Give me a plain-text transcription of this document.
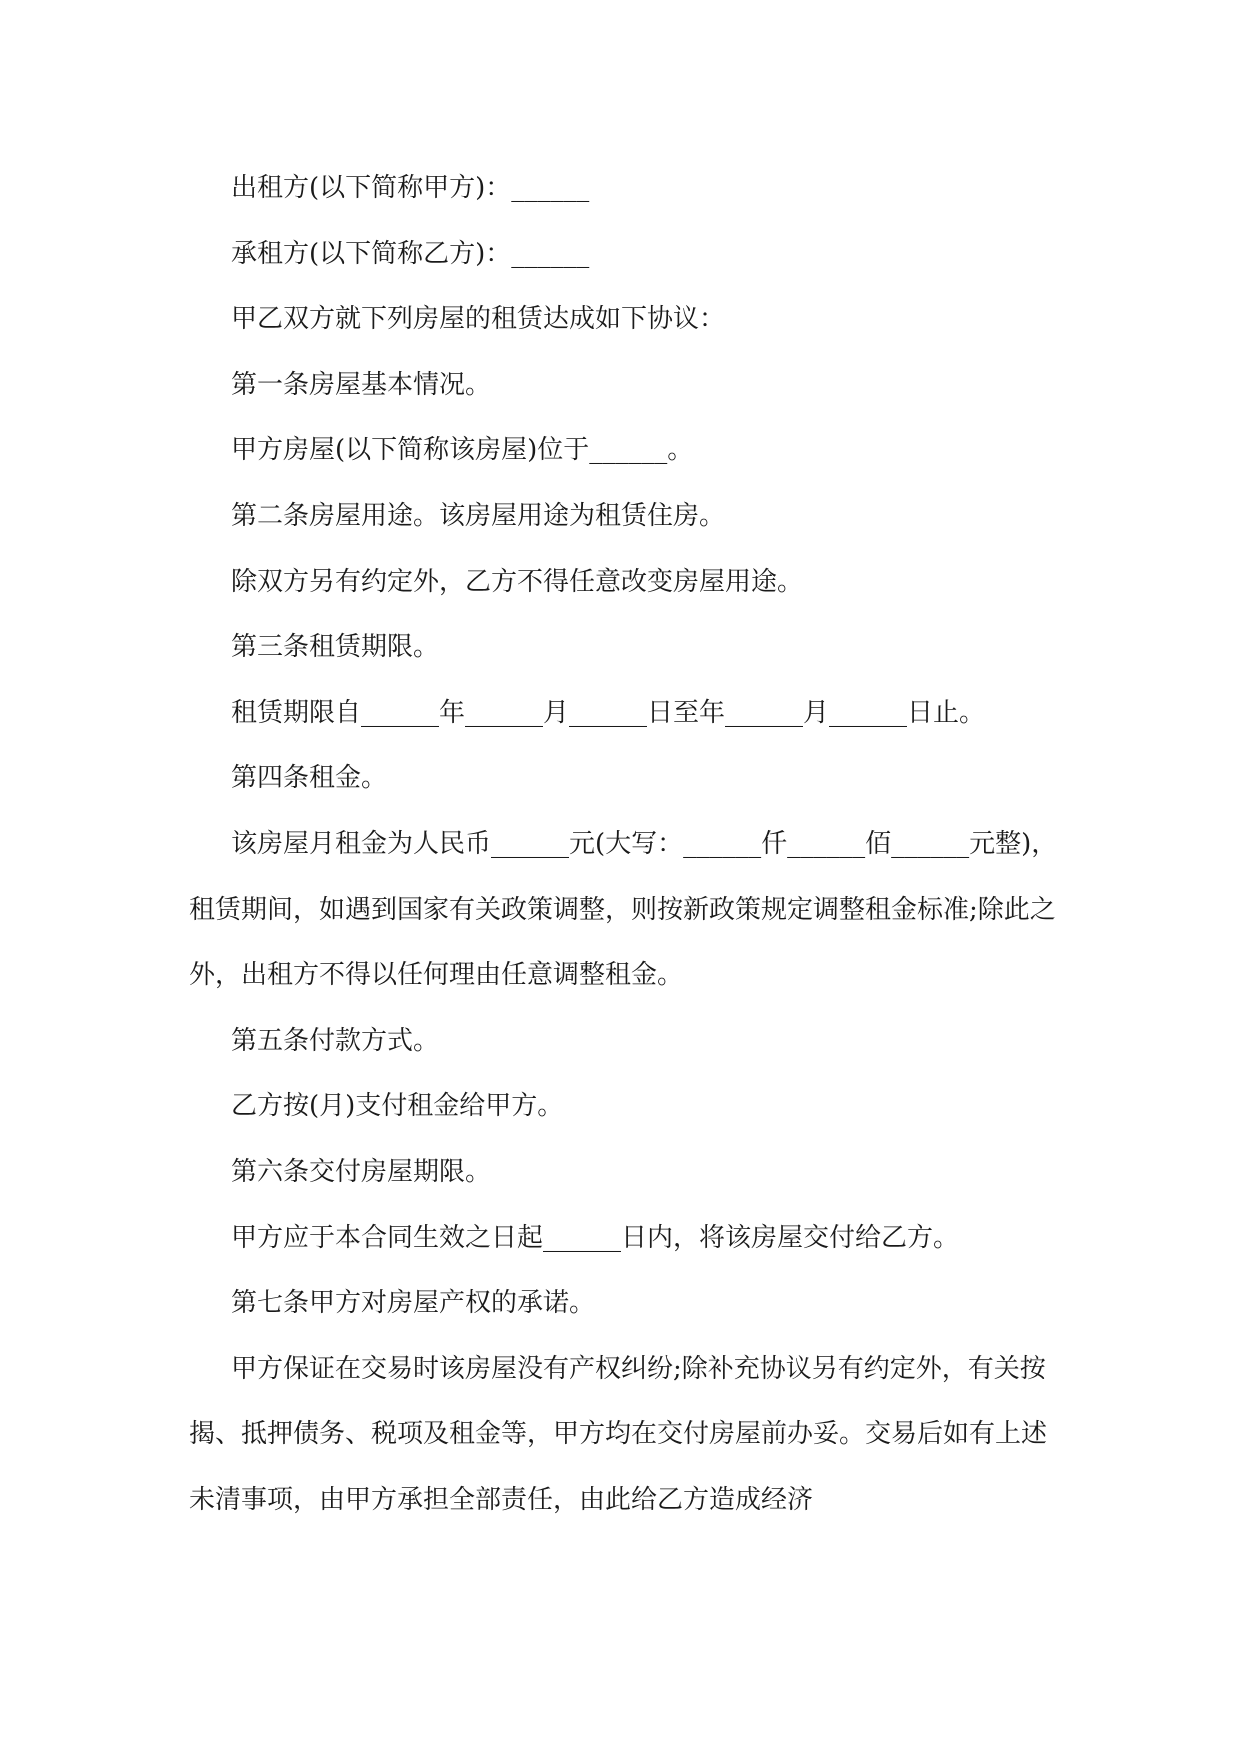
出租方(以下简称甲方)：______

承租方(以下简称乙方)：______

甲乙双方就下列房屋的租赁达成如下协议：

第一条房屋基本情况。

甲方房屋(以下简称该房屋)位于______。

第二条房屋用途。该房屋用途为租赁住房。

除双方另有约定外，乙方不得任意改变房屋用途。

第三条租赁期限。

租赁期限自______年______月______日至年______月______日止。

第四条租金。

该房屋月租金为人民币______元(大写：______仟______佰______元整)，租赁期间，如遇到国家有关政策调整，则按新政策规定调整租金标准;除此之外，出租方不得以任何理由任意调整租金。

第五条付款方式。

乙方按(月)支付租金给甲方。

第六条交付房屋期限。

甲方应于本合同生效之日起______日内，将该房屋交付给乙方。

第七条甲方对房屋产权的承诺。

甲方保证在交易时该房屋没有产权纠纷;除补充协议另有约定外，有关按揭、抵押债务、税项及租金等，甲方均在交付房屋前办妥。交易后如有上述未清事项，由甲方承担全部责任，由此给乙方造成经济
